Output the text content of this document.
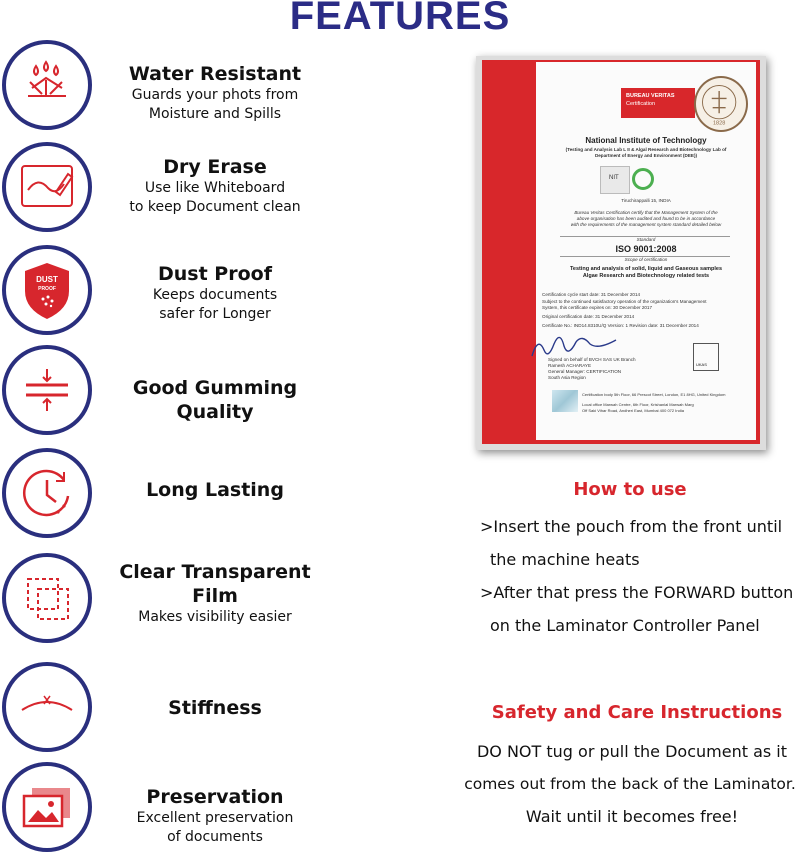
FEATURES
Water Resistant
Guards your phots from
Moisture and Spills
Dry Erase
Use like Whiteboard
to keep Document clean
DUST
PROOF
Dust Proof
Keeps documents
safer for Longer
Good Gumming
Quality
Long Lasting
Clear Transparent
Film
Makes visibility easier
Stiffness
Preservation
Excellent preservation
of documents
BUREAU VERITAS
Certification
1828
National Institute of Technology
(Testing and Analysis Lab L II & Algal Research and Biotechnology Lab of
Department of Energy and Environment (DEE))
NIT
Tiruchirappalli 15, INDIA
Bureau Veritas Certification certify that the Management System of the
above organisation has been audited and found to be in accordance
with the requirements of the management system standard detailed below
Standard
ISO 9001:2008
Scope of certification
Testing and analysis of solid, liquid and Gaseous samples
Algae Research and Biotechnology related tests
Certification cycle start date: 31 December 2014
Subject to the continued satisfactory operation of the organization's Management
System, this certificate expires on: 30 December 2017
Original certification date: 31 December 2014
Certificate No.: IND14.8310U/Q Version: 1 Revision date: 31 December 2014
UKAS
Signed on behalf of BVCH SAS UK Branch
Ramesh ACHARAYE
General Manager: CERTIFICATION
South Asia Region
Certification body 5th Floor, 66 Prescot Street, London, E1 8HG, United Kingdom
Local office Marwah Centre, 6th Floor, Krishanlal Marwah Marg
Off Saki Vihar Road, Andheri East, Mumbai 400 072 India
How to use
>Insert the pouch from the front until
the machine heats
>After that press the FORWARD button
on the Laminator Controller Panel
Safety and Care Instructions
DO NOT tug or pull the Document as it
comes out from the back of the Laminator.
Wait until it becomes free!
